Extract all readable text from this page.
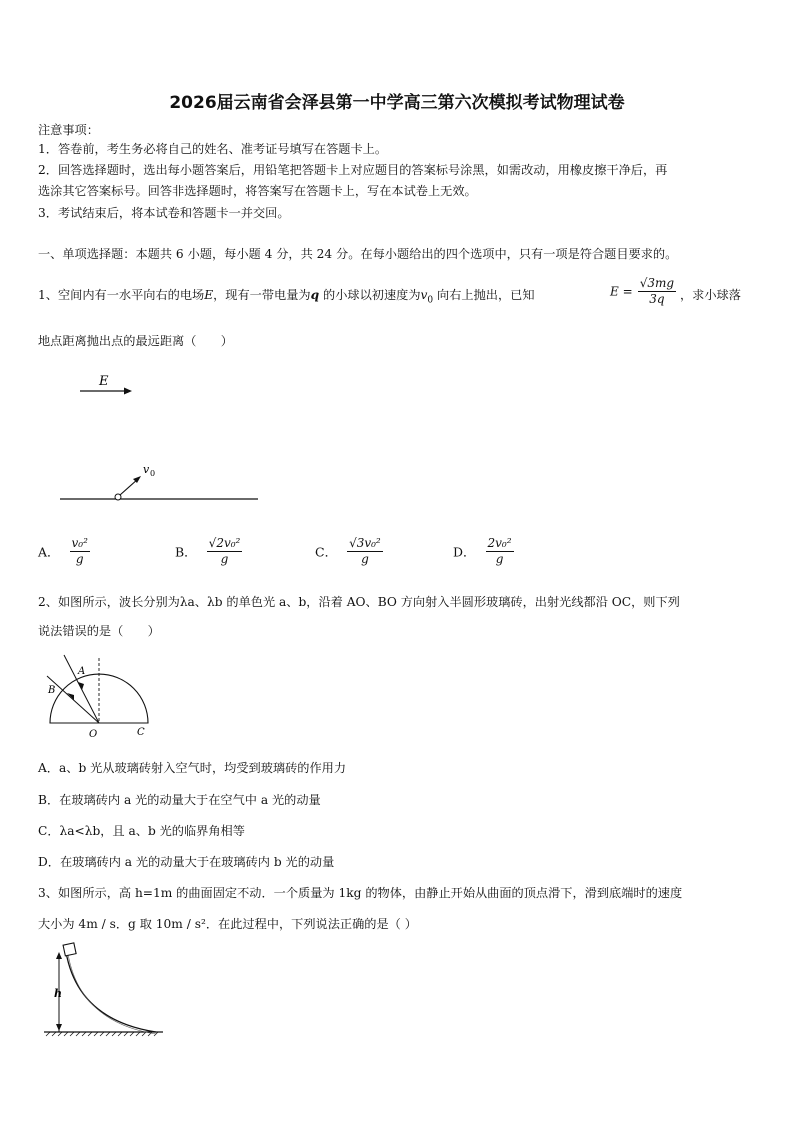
2026届云南省会泽县第一中学高三第六次模拟考试物理试卷
注意事项：
1．答卷前，考生务必将自己的姓名、准考证号填写在答题卡上。
2．回答选择题时，选出每小题答案后，用铅笔把答题卡上对应题目的答案标号涂黑，如需改动，用橡皮擦干净后，再
选涂其它答案标号。回答非选择题时，将答案写在答题卡上，写在本试卷上无效。
3．考试结束后，将本试卷和答题卡一并交回。
一、单项选择题：本题共 6 小题，每小题 4 分，共 24 分。在每小题给出的四个选项中，只有一项是符合题目要求的。
1、空间内有一水平向右的电场E，现有一带电量为q 的小球以初速度为$v_0$ 向右上抛出，已知	$E = \frac{√3mg}{3q}$ ，求小球落
地点距离抛出点的最远距离（　　）
E
v 0
A． $\frac{\text{v₀²}}{g}$	B． $\frac{\text{√2v₀²}}{g}$	C． $\frac{\text{√3v₀²}}{g}$	D． $\frac{\text{2v₀²}}{g}$
2、如图所示，波长分别为λa、λb 的单色光 a、b，沿着 AO、BO 方向射入半圆形玻璃砖，出射光线都沿 OC，则下列
说法错误的是（　　）
A
B
O	C
A．a、b 光从玻璃砖射入空气时，均受到玻璃砖的作用力
B．在玻璃砖内 a 光的动量大于在空气中 a 光的动量
C．λa<λb，且 a、b 光的临界角相等
D．在玻璃砖内 a 光的动量大于在玻璃砖内 b 光的动量
3、如图所示，高 h=1m 的曲面固定不动．一个质量为 1kg 的物体，由静止开始从曲面的顶点滑下，滑到底端时的速度
大小为 4m / s．g 取 10m / s²．在此过程中，下列说法正确的是（ ）
h
